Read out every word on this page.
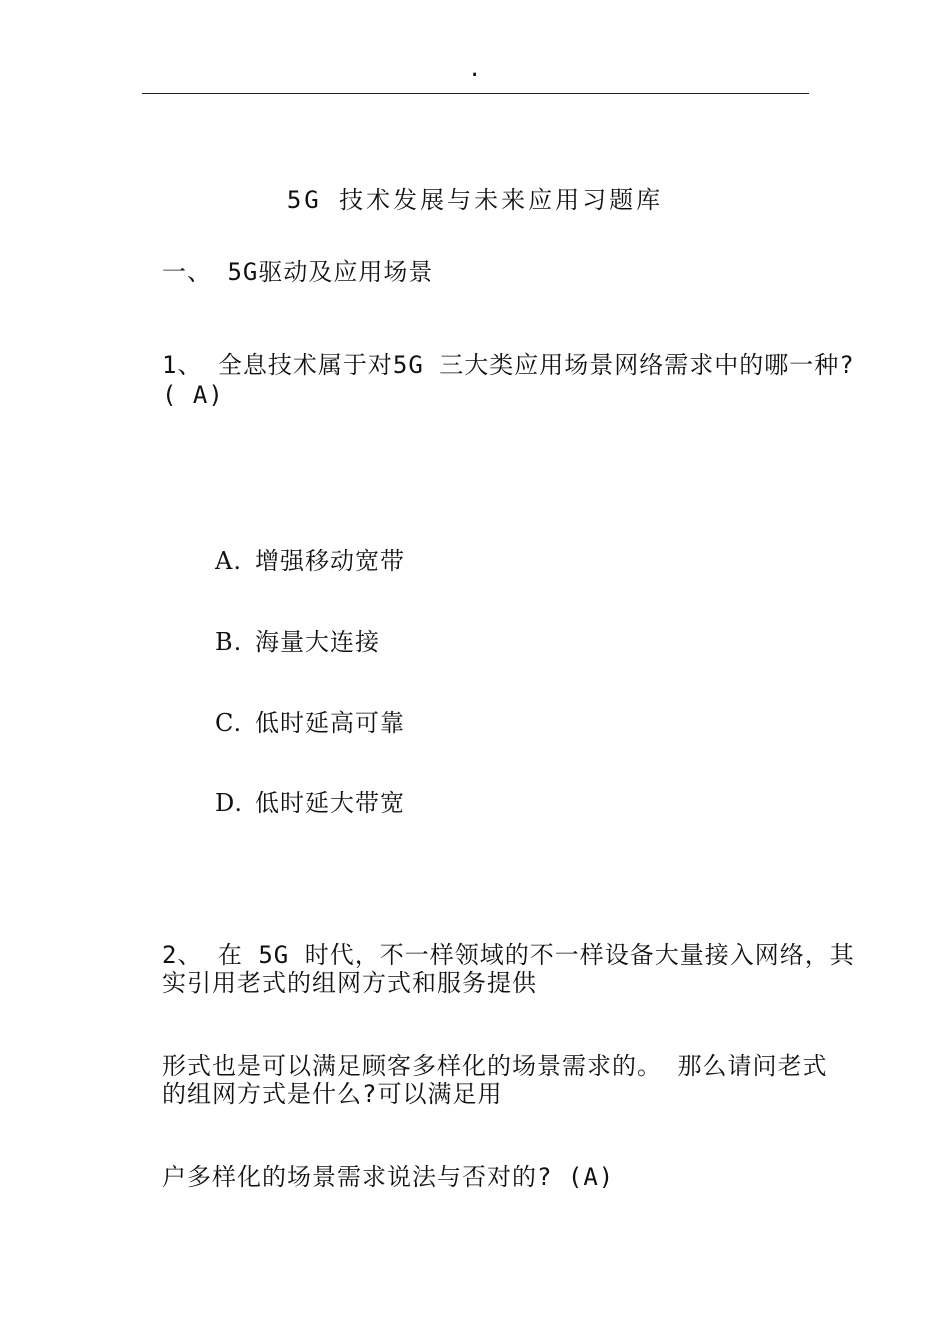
.
5G 技术发展与未来应用习题库
一、 5G驱动及应用场景
1、 全息技术属于对5G 三大类应用场景网络需求中的哪一种?
( A)
A. 增强移动宽带
B. 海量大连接
C. 低时延高可靠
D. 低时延大带宽
2、 在 5G 时代，不一样领域的不一样设备大量接入网络，其
实引用老式的组网方式和服务提供
形式也是可以满足顾客多样化的场景需求的。 那么请问老式
的组网方式是什么?可以满足用
户多样化的场景需求说法与否对的? (A)
